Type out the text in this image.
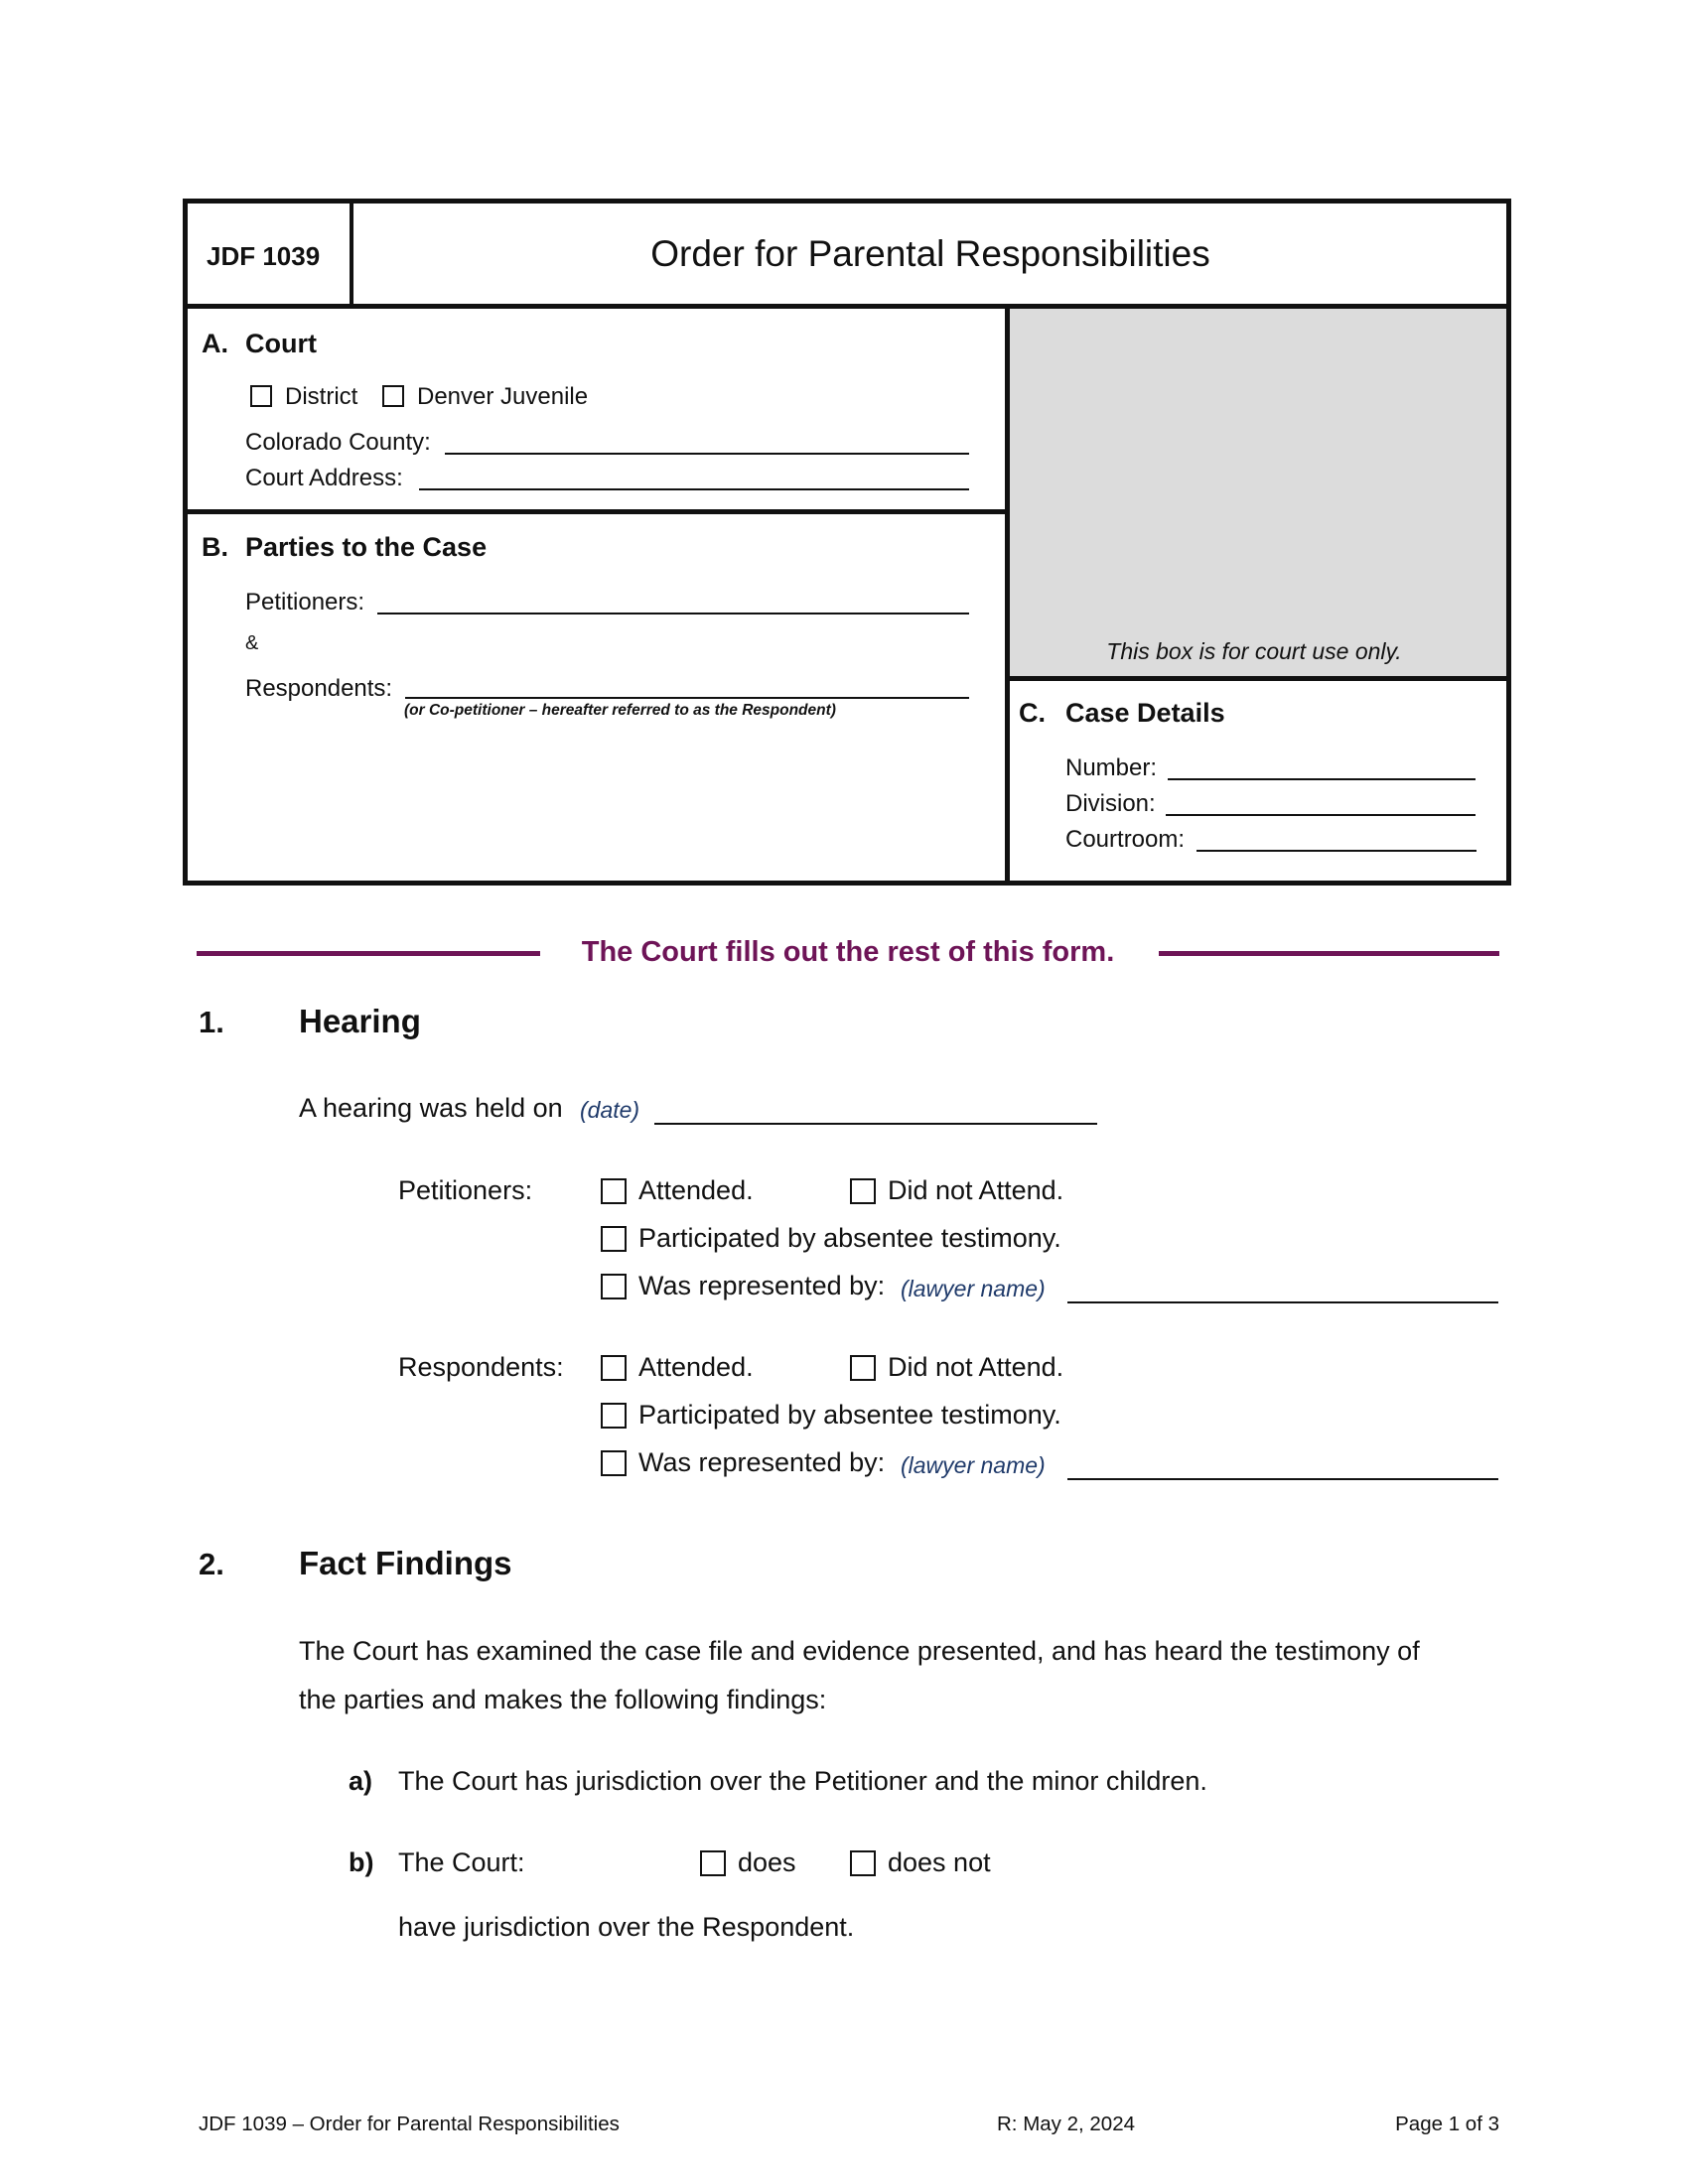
JDF 1039	Order for Parental Responsibilities
A. Court
District Denver Juvenile
Colorado County:
Court Address:
B. Parties to the Case
Petitioners:
&
Respondents:
(or Co-petitioner – hereafter referred to as the Respondent)
This box is for court use only.
C. Case Details
Number:
Division:
Courtroom:
The Court fills out the rest of this form.
1. Hearing
A hearing was held on (date)
Petitioners:	Attended.	Did not Attend.
Participated by absentee testimony.
Was represented by: (lawyer name)
Respondents:	Attended.	Did not Attend.
Participated by absentee testimony.
Was represented by: (lawyer name)
2. Fact Findings
The Court has examined the case file and evidence presented, and has heard the testimony of
the parties and makes the following findings:
a) The Court has jurisdiction over the Petitioner and the minor children.
b) The Court:	does	does not
have jurisdiction over the Respondent.
JDF 1039 – Order for Parental Responsibilities	R: May 2, 2024	Page 1 of 3
